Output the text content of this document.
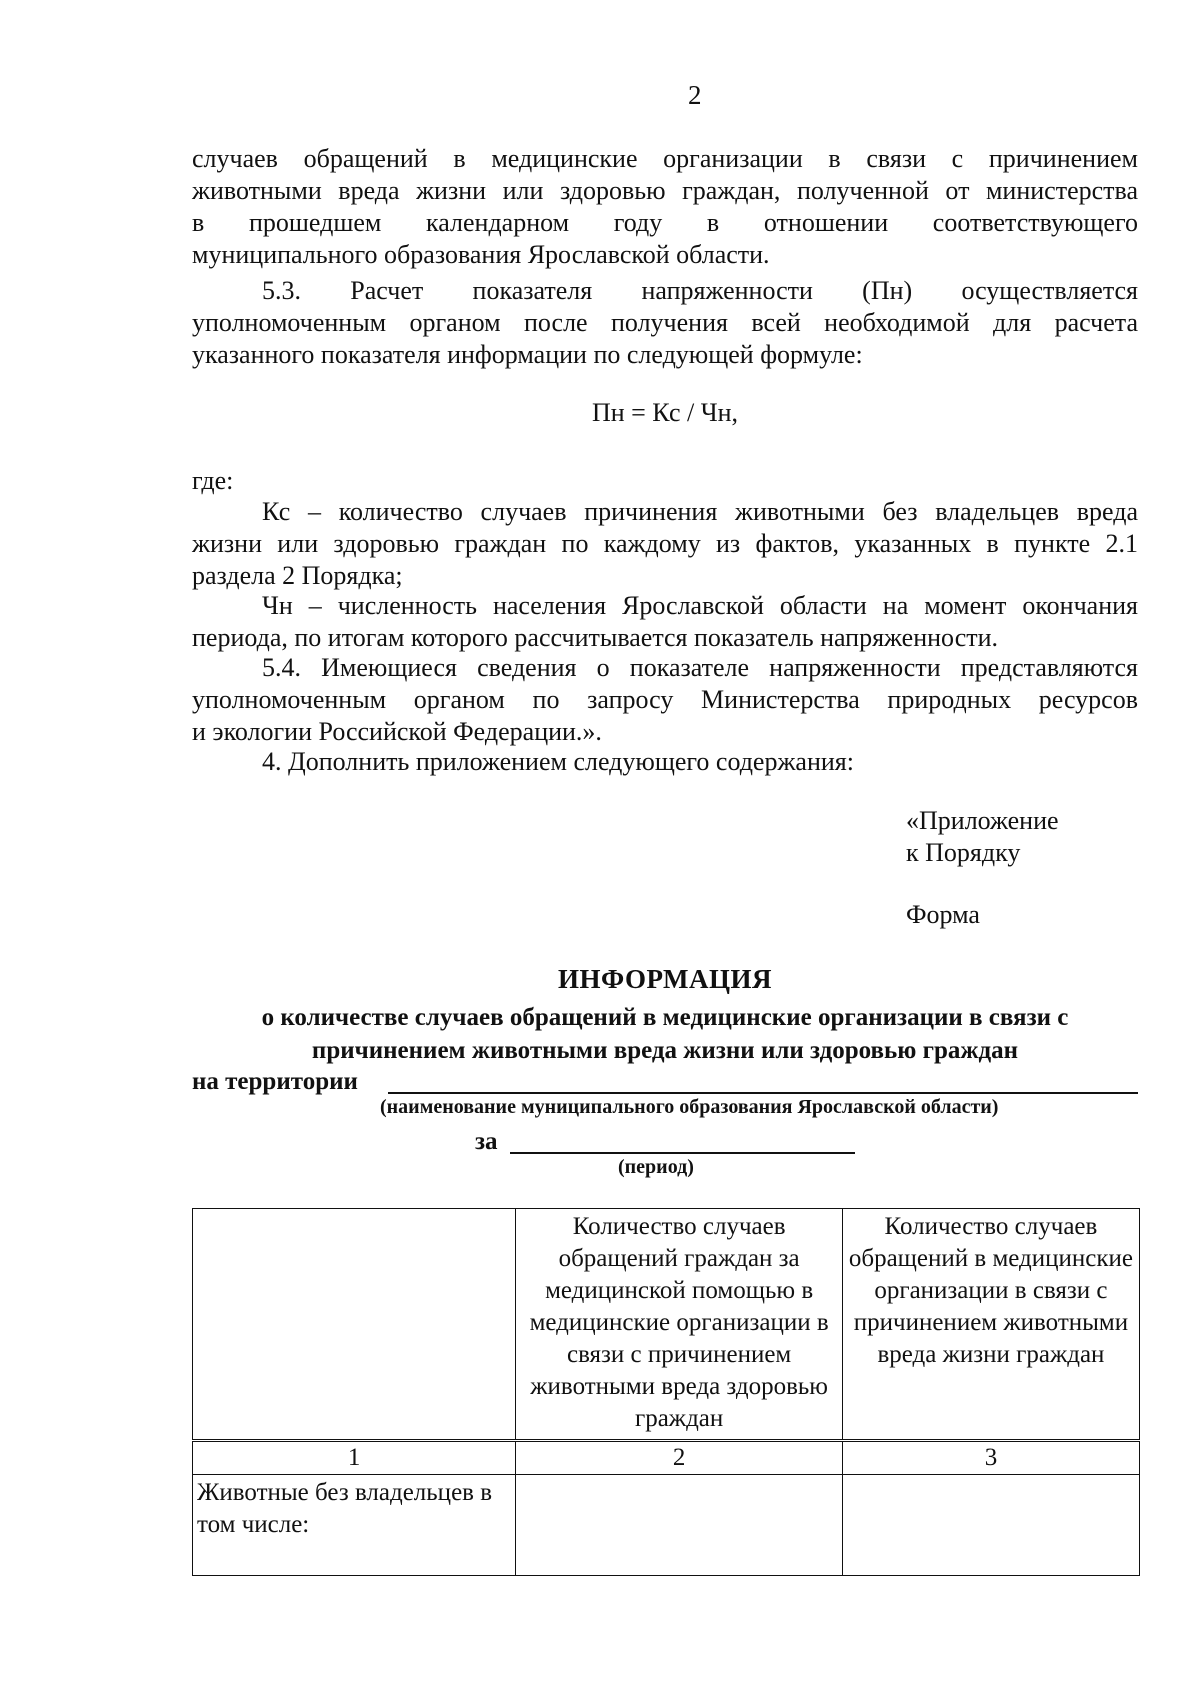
2

случаев обращений в медицинские организации в связи с причинением

животными вреда жизни или здоровью граждан, полученной от министерства

в прошедшем календарном году в отношении соответствующего

муниципального образования Ярославской области.

5.3. Расчет показателя напряженности (Пн) осуществляется

уполномоченным органом после получения всей необходимой для расчета

указанного показателя информации по следующей формуле:

Пн = Кс / Чн,
где:

Кс – количество случаев причинения животными без владельцев вреда

жизни или здоровью граждан по каждому из фактов, указанных в пункте 2.1

раздела 2 Порядка;

Чн – численность населения Ярославской области на момент окончания

периода, по итогам которого рассчитывается показатель напряженности.

5.4. Имеющиеся сведения о показателе напряженности представляются

уполномоченным органом по запросу Министерства природных ресурсов

и экологии Российской Федерации.».

4. Дополнить приложением следующего содержания:

«Приложение
к Порядку
Форма
ИНФОРМАЦИЯ
о количестве случаев обращений в медицинские организации в связи с
причинением животными вреда жизни или здоровью граждан
на территории
(наименование муниципального образования Ярославской области)
за
(период)
	Количество случаев обращений граждан за медицинской помощью в медицинские организации в связи с причинением животными вреда здоровью граждан	Количество случаев обращений в медицинские организации в связи с причинением животными вреда жизни граждан
1	2	3
Животные без владельцев в том числе:		
